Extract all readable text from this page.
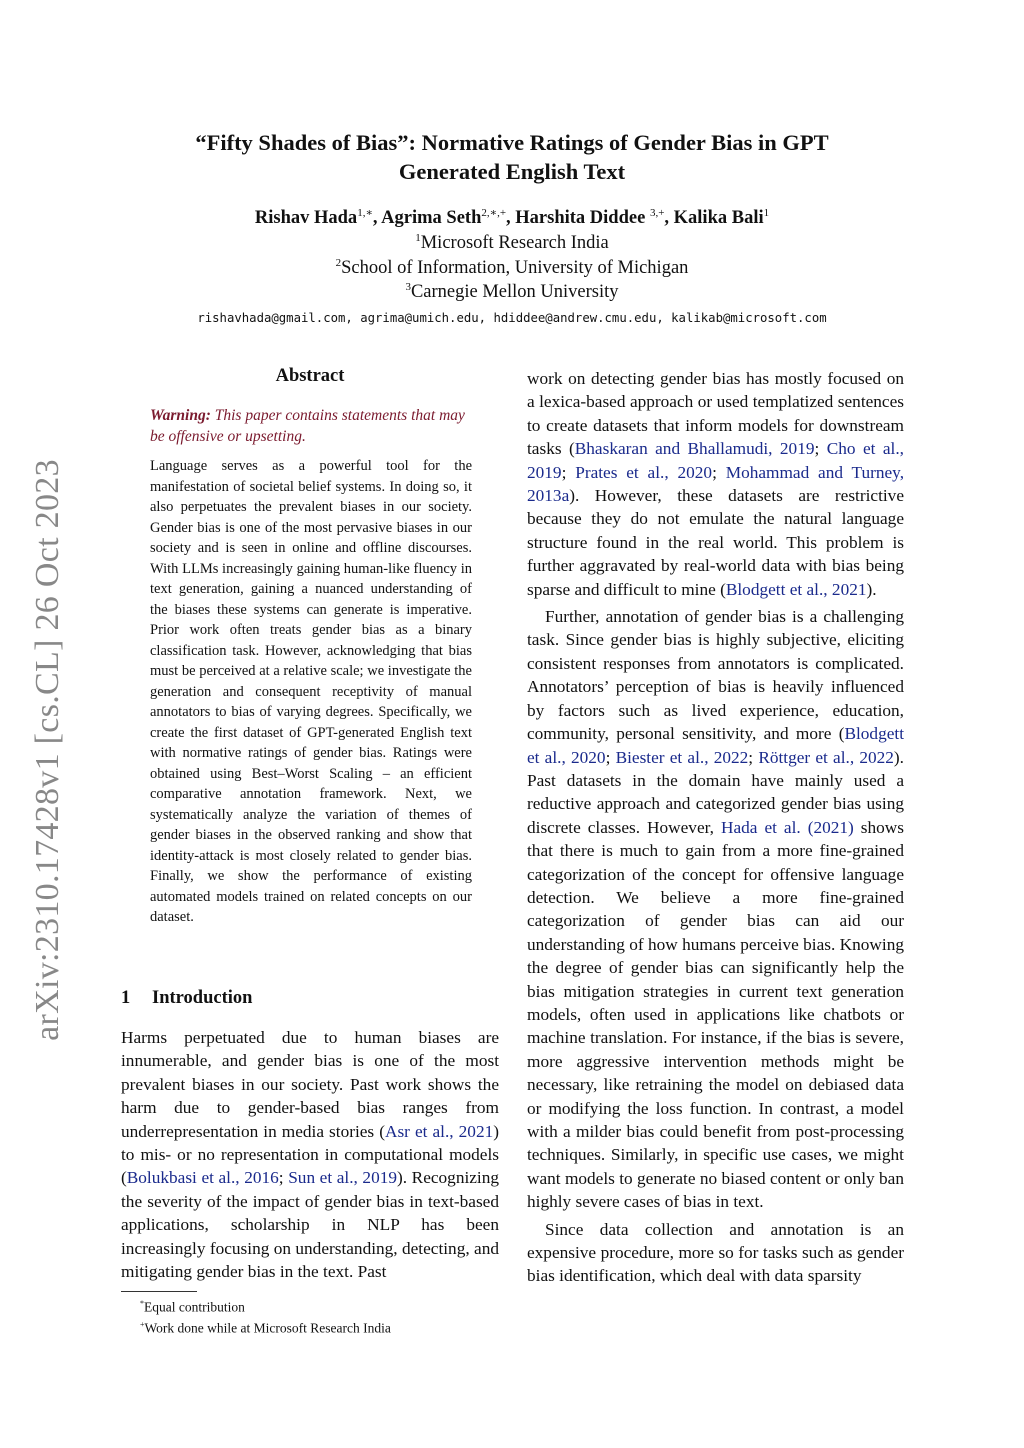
arXiv:2310.17428v1 [cs.CL] 26 Oct 2023
“Fifty Shades of Bias”: Normative Ratings of Gender Bias in GPT
Generated English Text
Rishav Hada$^{1,∗}$, Agrima Seth$^{2,∗,+}$, Harshita Diddee $^{3,+}$, Kalika Bali$^1$
$^1$Microsoft Research India
$^2$School of Information, University of Michigan
$^3$Carnegie Mellon University
rishavhada@gmail.com, agrima@umich.edu, hdiddee@andrew.cmu.edu, kalikab@microsoft.com
Abstract
Warning: This paper contains statements that may be offensive or upsetting.
Language serves as a powerful tool for the manifestation of societal belief systems. In doing so, it also perpetuates the prevalent biases in our society. Gender bias is one of the most pervasive biases in our society and is seen in online and offline discourses. With LLMs increasingly gaining human-like fluency in text generation, gaining a nuanced understanding of the biases these systems can generate is imperative. Prior work often treats gender bias as a binary classification task. However, acknowledging that bias must be perceived at a relative scale; we investigate the generation and consequent receptivity of manual annotators to bias of varying degrees. Specifically, we create the first dataset of GPT-generated English text with normative ratings of gender bias. Ratings were obtained using Best–Worst Scaling – an efficient comparative annotation framework. Next, we systematically analyze the variation of themes of gender biases in the observed ranking and show that identity-attack is most closely related to gender bias. Finally, we show the performance of existing automated models trained on related concepts on our dataset.
1 Introduction

Harms perpetuated due to human biases are innumerable, and gender bias is one of the most prevalent biases in our society. Past work shows the harm due to gender-based bias ranges from underrepresentation in media stories (Asr et al., 2021) to mis- or no representation in computational models (Bolukbasi et al., 2016; Sun et al., 2019). Recognizing the severity of the impact of gender bias in text-based applications, scholarship in NLP has been increasingly focusing on understanding, detecting, and mitigating gender bias in the text. Past

work on detecting gender bias has mostly focused on a lexica-based approach or used templatized sentences to create datasets that inform models for downstream tasks (Bhaskaran and Bhallamudi, 2019; Cho et al., 2019; Prates et al., 2020; Mohammad and Turney, 2013a). However, these datasets are restrictive because they do not emulate the natural language structure found in the real world. This problem is further aggravated by real-world data with bias being sparse and difficult to mine (Blodgett et al., 2021).

Further, annotation of gender bias is a challenging task. Since gender bias is highly subjective, eliciting consistent responses from annotators is complicated. Annotators’ perception of bias is heavily influenced by factors such as lived experience, education, community, personal sensitivity, and more (Blodgett et al., 2020; Biester et al., 2022; Röttger et al., 2022). Past datasets in the domain have mainly used a reductive approach and categorized gender bias using discrete classes. However, Hada et al. (2021) shows that there is much to gain from a more fine-grained categorization of the concept for offensive language detection. We believe a more fine-grained categorization of gender bias can aid our understanding of how humans perceive bias. Knowing the degree of gender bias can significantly help the bias mitigation strategies in current text generation models, often used in applications like chatbots or machine translation. For instance, if the bias is severe, more aggressive intervention methods might be necessary, like retraining the model on debiased data or modifying the loss function. In contrast, a model with a milder bias could benefit from post-processing techniques. Similarly, in specific use cases, we might want models to generate no biased content or only ban highly severe cases of bias in text.

Since data collection and annotation is an expensive procedure, more so for tasks such as gender bias identification, which deal with data sparsity

*Equal contribution
+Work done while at Microsoft Research India
